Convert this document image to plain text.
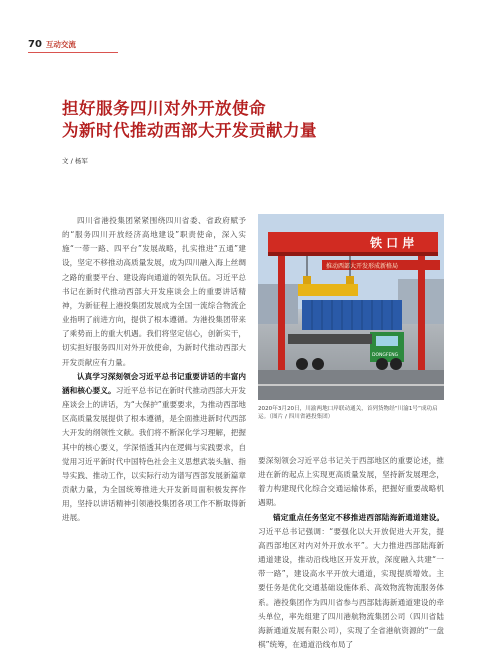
70 互动交流
担好服务四川对外开放使命
为新时代推动西部大开发贡献力量
文 / 杨军

四川省港投集团紧紧围绕四川省委、省政府赋予的“服务四川开放经济高地建设”职责使命，深入实施“一带一路、四平台”发展战略，扎实推进“五通”建设，坚定不移推动高质量发展，成为四川融入海上丝绸之路的重要平台、建设海向通道的领先队伍。习近平总书记在新时代推动西部大开发座谈会上的重要讲话精神，为新征程上港投集团发展成为全国一流综合物流企业指明了前进方向，提供了根本遵循。为港投集团带来了乘势而上的重大机遇。我们将坚定信心，创新实干，切实担好服务四川对外开放使命，为新时代推动西部大开发贡献应有力量。

认真学习深刻领会习近平总书记重要讲话的丰富内涵和核心要义。习近平总书记在新时代推动西部大开发座谈会上的讲话，为“大保护”重要要求，为推动西部地区高质量发展提供了根本遵循，是全面推进新时代西部大开发的纲领性文献。我们将不断深化学习理解，把握其中的核心要义，学深悟透其内在逻辑与实践要求，自觉用习近平新时代中国特色社会主义思想武装头脑、指导实践、推动工作，以实际行动为谱写西部发展新篇章贡献力量，为全国统筹推进大开发新局面积极发挥作用，坚持以讲话精神引领港投集团各项工作不断取得新进展。

铁 口 岸
推动西部大开发形成新格局
DONGFENG
2020年3月20日，川渝两地口岸联动通关，首列货物经“川渝1号”成功启运。（图片 / 四川省港投集团）

要深刻领会习近平总书记关于西部地区的重要论述，推进在新的起点上实现更高质量发展，坚持新发展理念，着力构建现代化综合交通运输体系，把握好重要战略机遇期。

锚定重点任务坚定不移推进西部陆海新通道建设。习近平总书记强调：“要强化以大开放促进大开发，提高西部地区对内对外开放水平”。大力推进西部陆海新通道建设，推动沿线地区开发开放，深度融入共建“一带一路”，建设高水平开放大通道，实现提质增效。主要任务是优化交通基础设施体系、高效物流物流服务体系。港投集团作为四川省参与西部陆海新通道建设的牵头单位，率先组建了四川港航物流集团公司（四川省陆海新通道发展有限公司），实现了全省港航资源的“一盘棋”统筹，在通道沿线布局了
